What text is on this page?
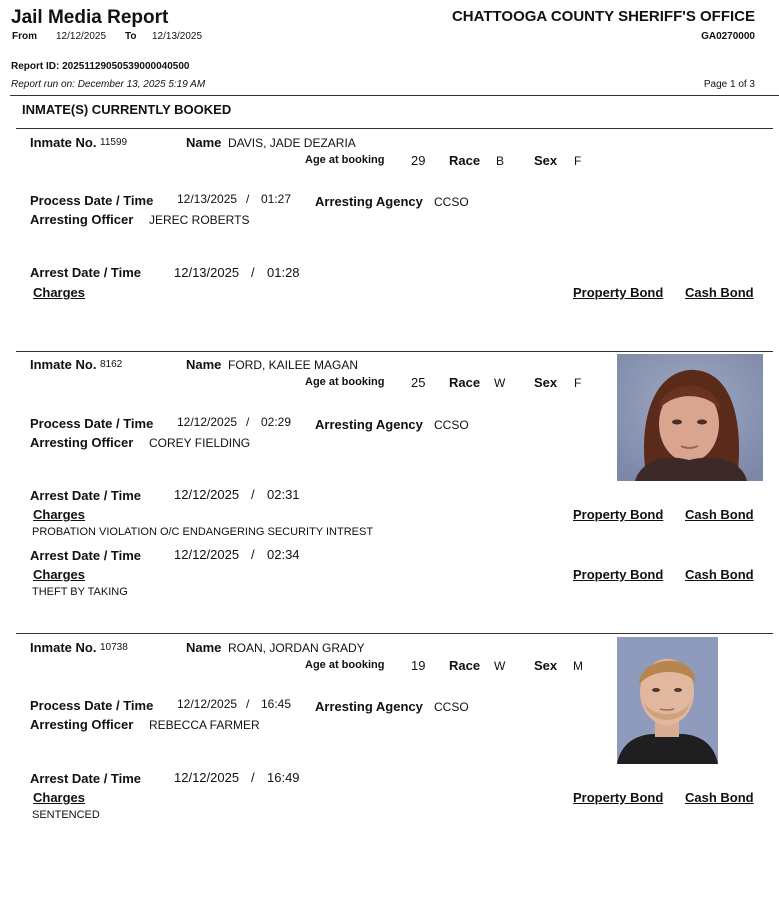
Jail Media Report
From 12/12/2025 To 12/13/2025
CHATTOOGA COUNTY SHERIFF'S OFFICE
GA0270000
Report ID: 20251129050539000040500
Report run on: December 13, 2025 5:19 AM	Page 1 of 3
INMATE(S) CURRENTLY BOOKED
Inmate No. 11599	Name DAVIS, JADE DEZARIA
Age at booking 29 Race B Sex F
Process Date / Time 12/13/2025 / 01:27 Arresting Agency CCSO
Arresting Officer JEREC ROBERTS
Arrest Date / Time	12/13/2025 / 01:28
Charges	Property Bond Cash Bond
Inmate No. 8162	Name FORD, KAILEE MAGAN
Age at booking 25 Race W Sex F
Process Date / Time 12/12/2025 / 02:29 Arresting Agency CCSO
Arresting Officer COREY FIELDING
Arrest Date / Time	12/12/2025 / 02:31
Charges	Property Bond Cash Bond
PROBATION VIOLATION O/C ENDANGERING SECURITY INTREST
Arrest Date / Time	12/12/2025 / 02:34
Charges	Property Bond Cash Bond
THEFT BY TAKING
Inmate No. 10738	Name ROAN, JORDAN GRADY
Age at booking 19 Race W Sex M
Process Date / Time 12/12/2025 / 16:45 Arresting Agency CCSO
Arresting Officer REBECCA FARMER
Arrest Date / Time	12/12/2025 / 16:49
Charges	Property Bond Cash Bond
SENTENCED
